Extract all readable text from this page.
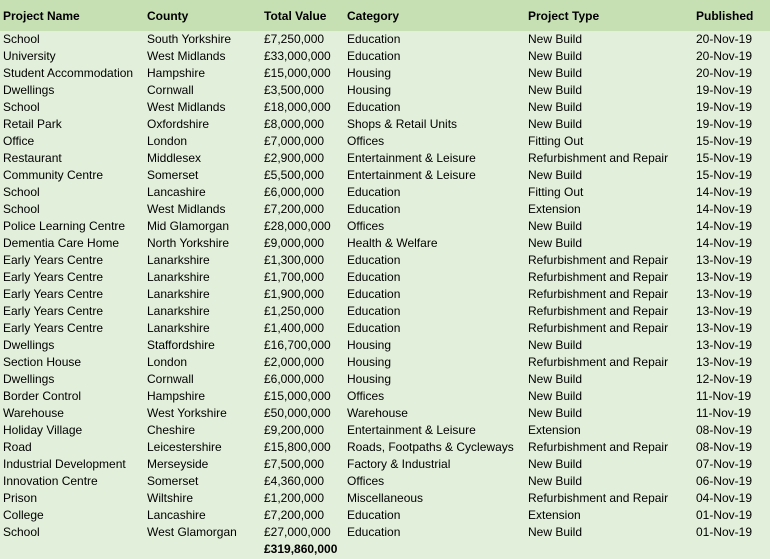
Project Name	County	Total Value	Category	Project Type	Published
School	South Yorkshire	£7,250,000	Education	New Build	20-Nov-19
University	West Midlands	£33,000,000	Education	New Build	20-Nov-19
Student Accommodation	Hampshire	£15,000,000	Housing	New Build	20-Nov-19
Dwellings	Cornwall	£3,500,000	Housing	New Build	19-Nov-19
School	West Midlands	£18,000,000	Education	New Build	19-Nov-19
Retail Park	Oxfordshire	£8,000,000	Shops & Retail Units	New Build	19-Nov-19
Office	London	£7,000,000	Offices	Fitting Out	15-Nov-19
Restaurant	Middlesex	£2,900,000	Entertainment & Leisure	Refurbishment and Repair	15-Nov-19
Community Centre	Somerset	£5,500,000	Entertainment & Leisure	New Build	15-Nov-19
School	Lancashire	£6,000,000	Education	Fitting Out	14-Nov-19
School	West Midlands	£7,200,000	Education	Extension	14-Nov-19
Police Learning Centre	Mid Glamorgan	£28,000,000	Offices	New Build	14-Nov-19
Dementia Care Home	North Yorkshire	£9,000,000	Health & Welfare	New Build	14-Nov-19
Early Years Centre	Lanarkshire	£1,300,000	Education	Refurbishment and Repair	13-Nov-19
Early Years Centre	Lanarkshire	£1,700,000	Education	Refurbishment and Repair	13-Nov-19
Early Years Centre	Lanarkshire	£1,900,000	Education	Refurbishment and Repair	13-Nov-19
Early Years Centre	Lanarkshire	£1,250,000	Education	Refurbishment and Repair	13-Nov-19
Early Years Centre	Lanarkshire	£1,400,000	Education	Refurbishment and Repair	13-Nov-19
Dwellings	Staffordshire	£16,700,000	Housing	New Build	13-Nov-19
Section House	London	£2,000,000	Housing	Refurbishment and Repair	13-Nov-19
Dwellings	Cornwall	£6,000,000	Housing	New Build	12-Nov-19
Border Control	Hampshire	£15,000,000	Offices	New Build	11-Nov-19
Warehouse	West Yorkshire	£50,000,000	Warehouse	New Build	11-Nov-19
Holiday Village	Cheshire	£9,200,000	Entertainment & Leisure	Extension	08-Nov-19
Road	Leicestershire	£15,800,000	Roads, Footpaths & Cycleways	Refurbishment and Repair	08-Nov-19
Industrial Development	Merseyside	£7,500,000	Factory & Industrial	New Build	07-Nov-19
Innovation Centre	Somerset	£4,360,000	Offices	New Build	06-Nov-19
Prison	Wiltshire	£1,200,000	Miscellaneous	Refurbishment and Repair	04-Nov-19
College	Lancashire	£7,200,000	Education	Extension	01-Nov-19
School	West Glamorgan	£27,000,000	Education	New Build	01-Nov-19
		£319,860,000			
